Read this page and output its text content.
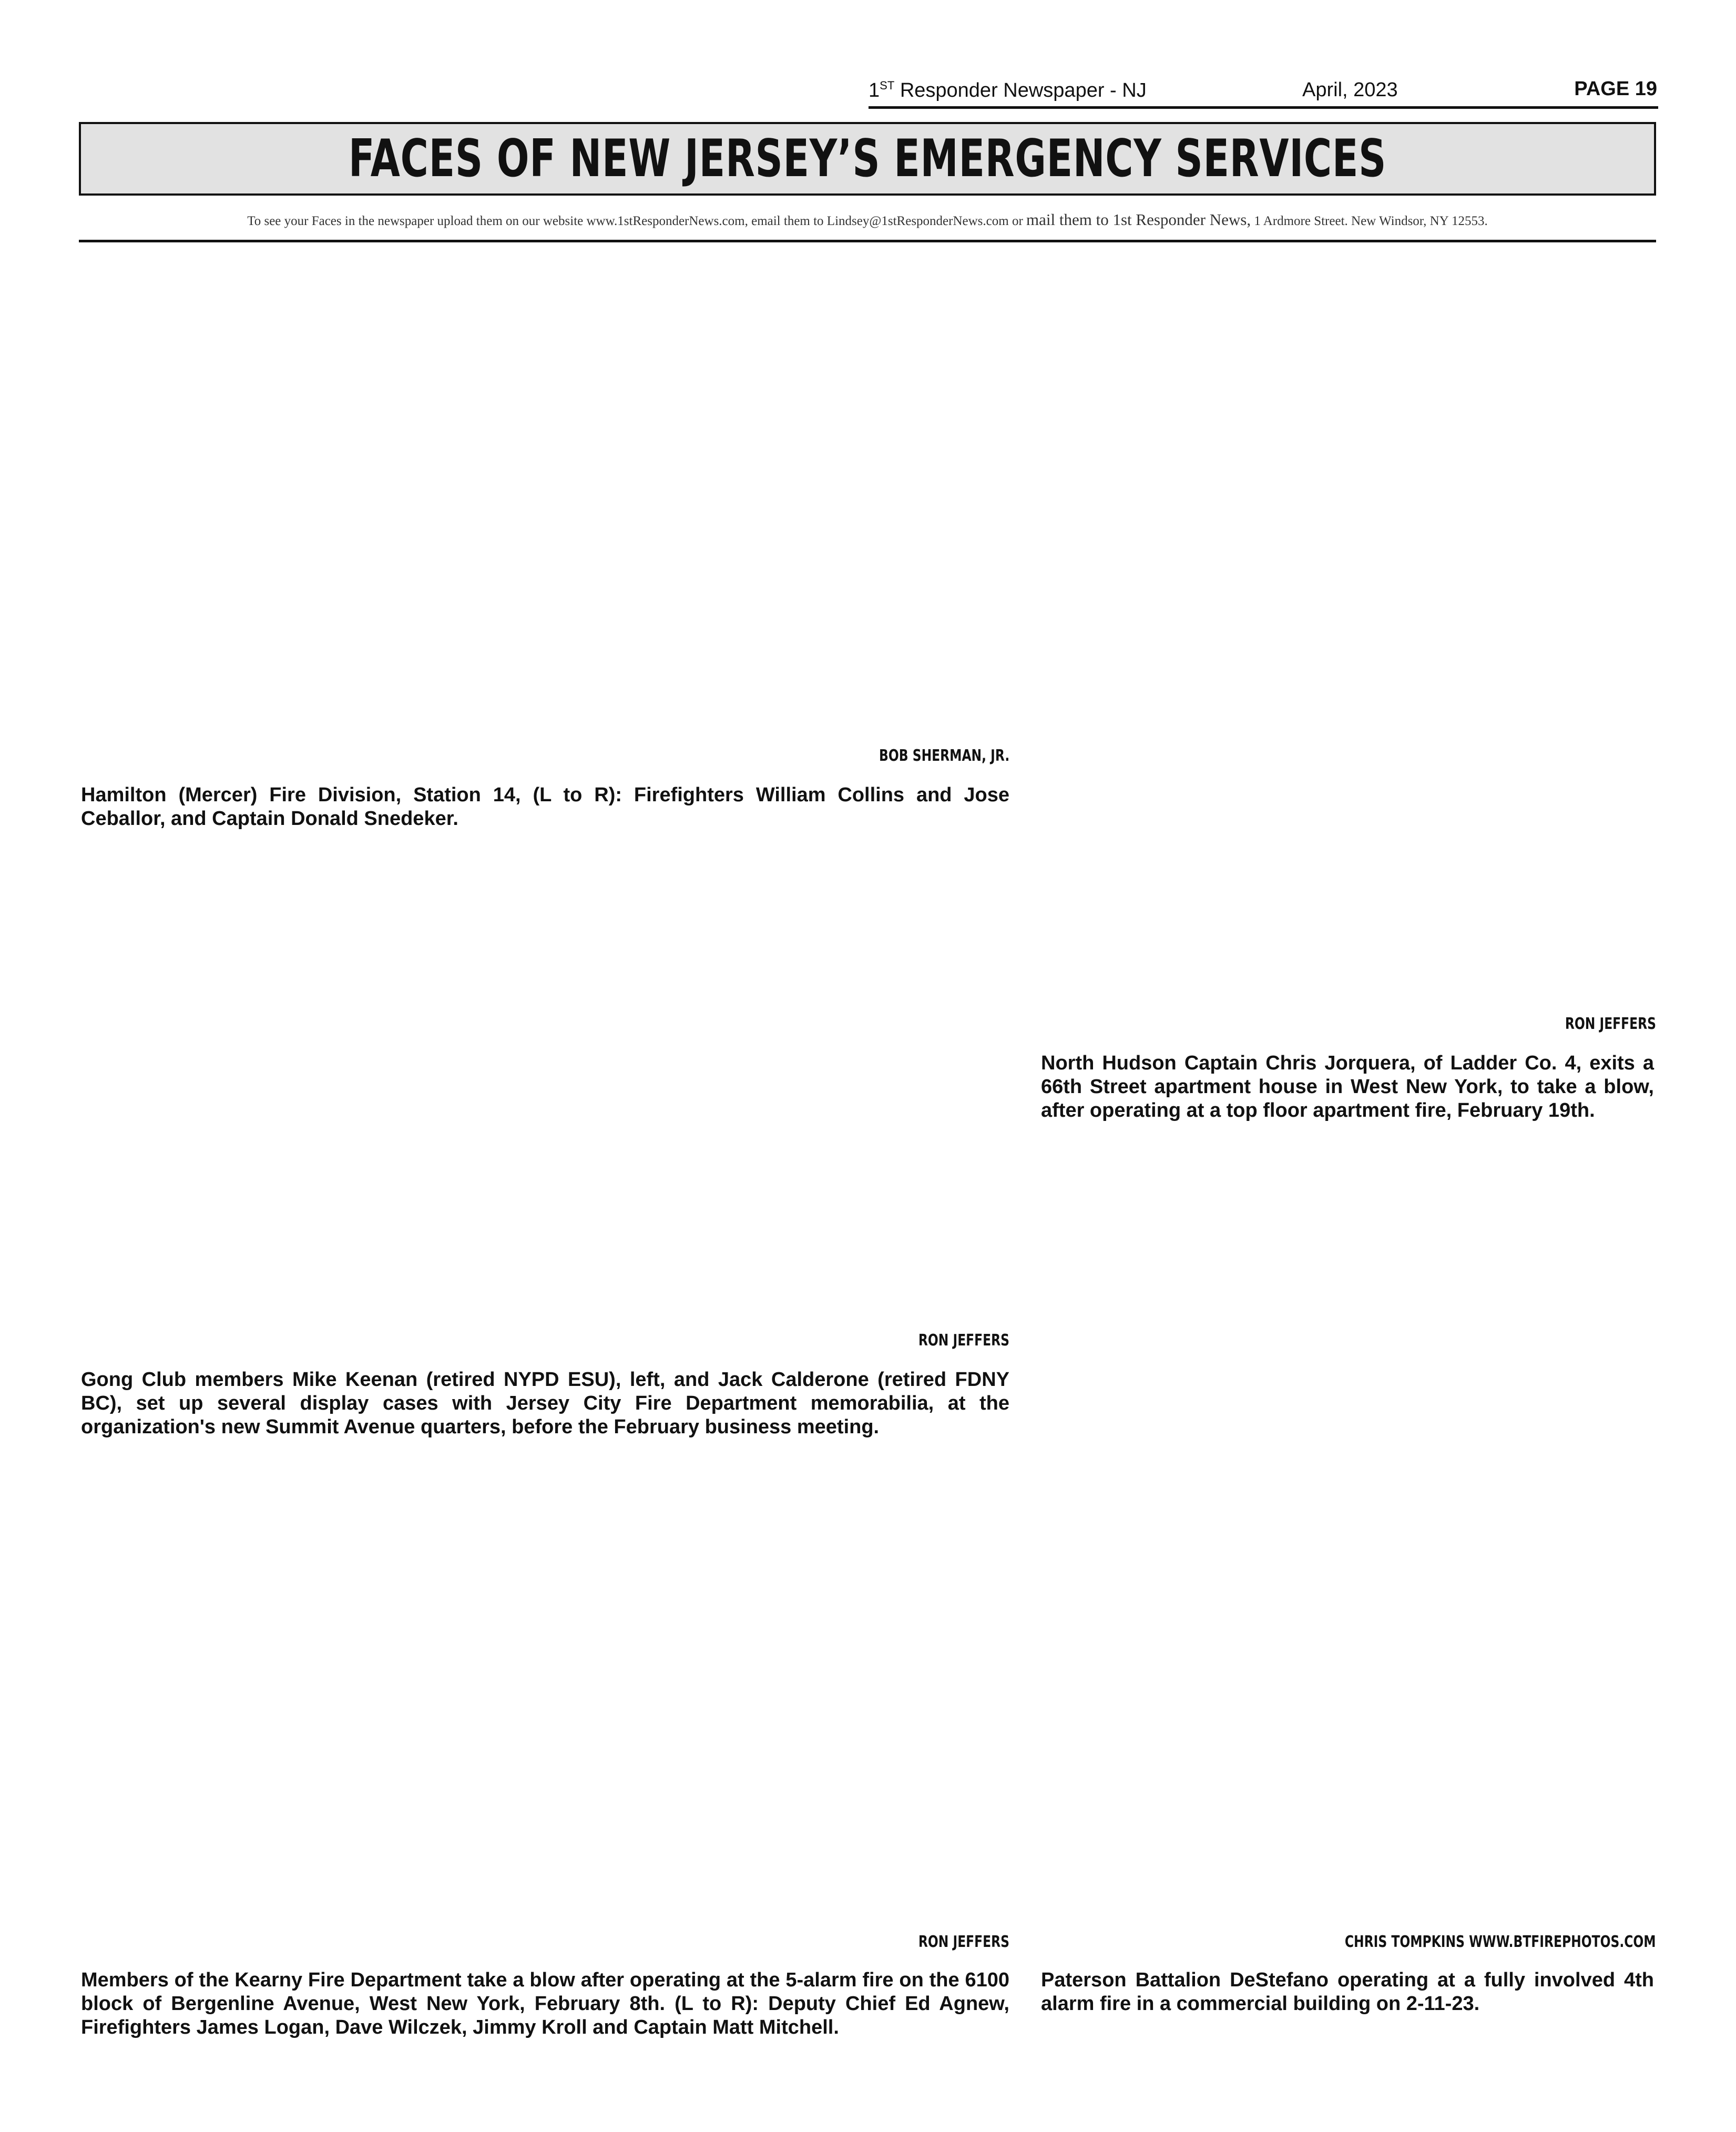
1ST Responder Newspaper - NJ	April, 2023	PAGE 19
FACES OF NEW JERSEY’S EMERGENCY SERVICES
To see your Faces in the newspaper upload them on our website www.1stResponderNews.com, email them to Lindsey@1stResponderNews.com or mail them to 1st Responder News, 1 Ardmore Street. New Windsor, NY 12553.
BOB SHERMAN, JR.
Hamilton (Mercer) Fire Division, Station 14, (L to R): Firefighters William Collins and Jose Ceballor, and Captain Donald Snedeker.
RON JEFFERS
North Hudson Captain Chris Jorquera, of Ladder Co. 4, exits a 66th Street apartment house in West New York, to take a blow, after operating at a top floor apartment fire, February 19th.
RON JEFFERS
Gong Club members Mike Keenan (retired NYPD ESU), left, and Jack Calderone (retired FDNY BC), set up several display cases with Jersey City Fire Department memorabilia, at the organization's new Summit Avenue quarters, before the February business meeting.
RON JEFFERS
Members of the Kearny Fire Department take a blow after operating at the 5-alarm fire on the 6100 block of Bergenline Avenue, West New York, February 8th. (L to R): Deputy Chief Ed Agnew, Firefighters James Logan, Dave Wilczek, Jimmy Kroll and Captain Matt Mitchell.
CHRIS TOMPKINS WWW.BTFIREPHOTOS.COM
Paterson Battalion DeStefano operating at a fully involved 4th alarm fire in a commercial building on 2-11-23.
